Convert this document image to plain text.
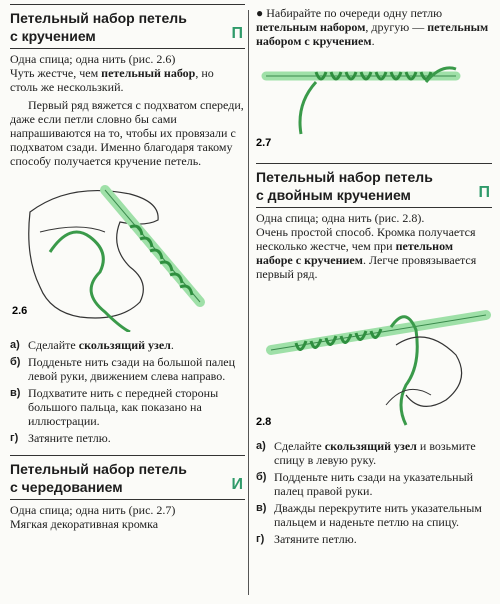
Петельный набор петель
с кручением	П

Одна спица; одна нить (рис. 2.6)

Чуть жестче, чем петельный набор, но

столь же нескользкий.

Первый ряд вяжется с подхватом спереди, даже если петли словно бы сами напрашиваются на то, чтобы их провязали с подхватом сзади. Именно благодаря такому способу получается кручение петель.

2.6
а) Сделайте скользящий узел.
б) Подденьте нить сзади на большой палец левой руки, движением слева направо.
в) Подхватите нить с передней стороны большого пальца, как показано на иллюстрации.
г) Затяните петлю.
Петельный набор петель
с чередованием	И

Одна спица; одна нить (рис. 2.7)

Мягкая декоративная кромка

● Набирайте по очереди одну петлю петельным набором, другую — петельным набором с кручением.

2.7
Петельный набор петель
с двойным кручением	П

Одна спица; одна нить (рис. 2.8).

Очень простой способ. Кромка получается несколько жестче, чем при петельном наборе с кручением. Легче провязывается первый ряд.

2.8
а) Сделайте скользящий узел и возьмите спицу в левую руку.
б) Подденьте нить сзади на указательный палец правой руки.
в) Дважды перекрутите нить указательным пальцем и наденьте петлю на спицу.
г) Затяните петлю.
